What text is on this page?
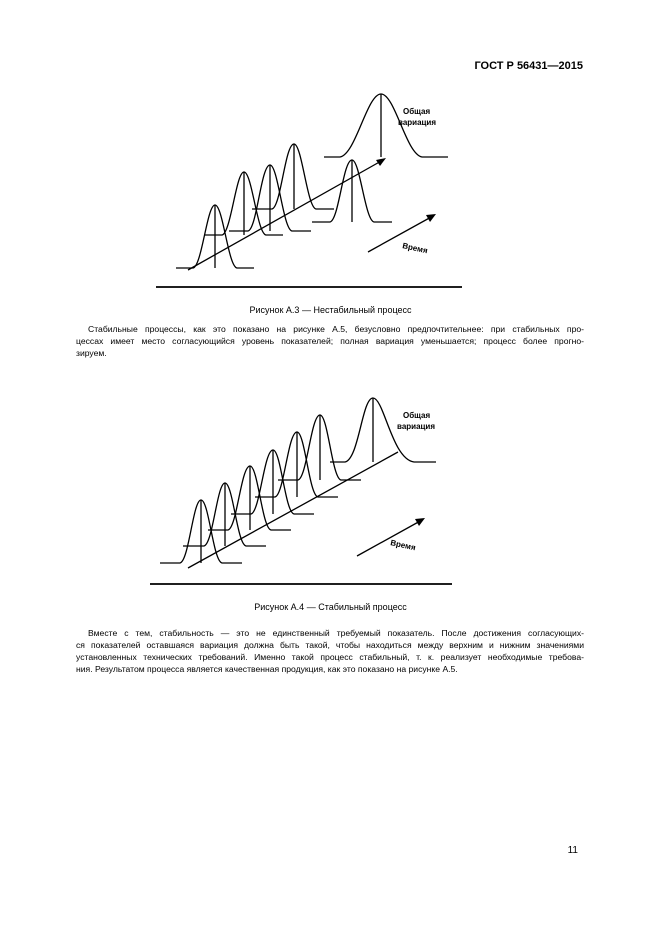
ГОСТ Р 56431—2015
Общая
вариация
Время
Рисунок А.3 — Нестабильный процесс
Стабильные процессы, как это показано на рисунке А.5, безусловно предпочтительнее: при стабильных про-
цессах имеет место согласующийся уровень показателей; полная вариация уменьшается; процесс более прогно-
зируем.
Общая
вариация
Время
Рисунок А.4 — Стабильный процесс
Вместе с тем, стабильность — это не единственный требуемый показатель. После достижения согласующих-
ся показателей оставшаяся вариация должна быть такой, чтобы находиться между верхним и нижним значениями
установленных технических требований. Именно такой процесс стабильный, т. к. реализует необходимые требова-
ния. Результатом процесса является качественная продукция, как это показано на рисунке А.5.
11
